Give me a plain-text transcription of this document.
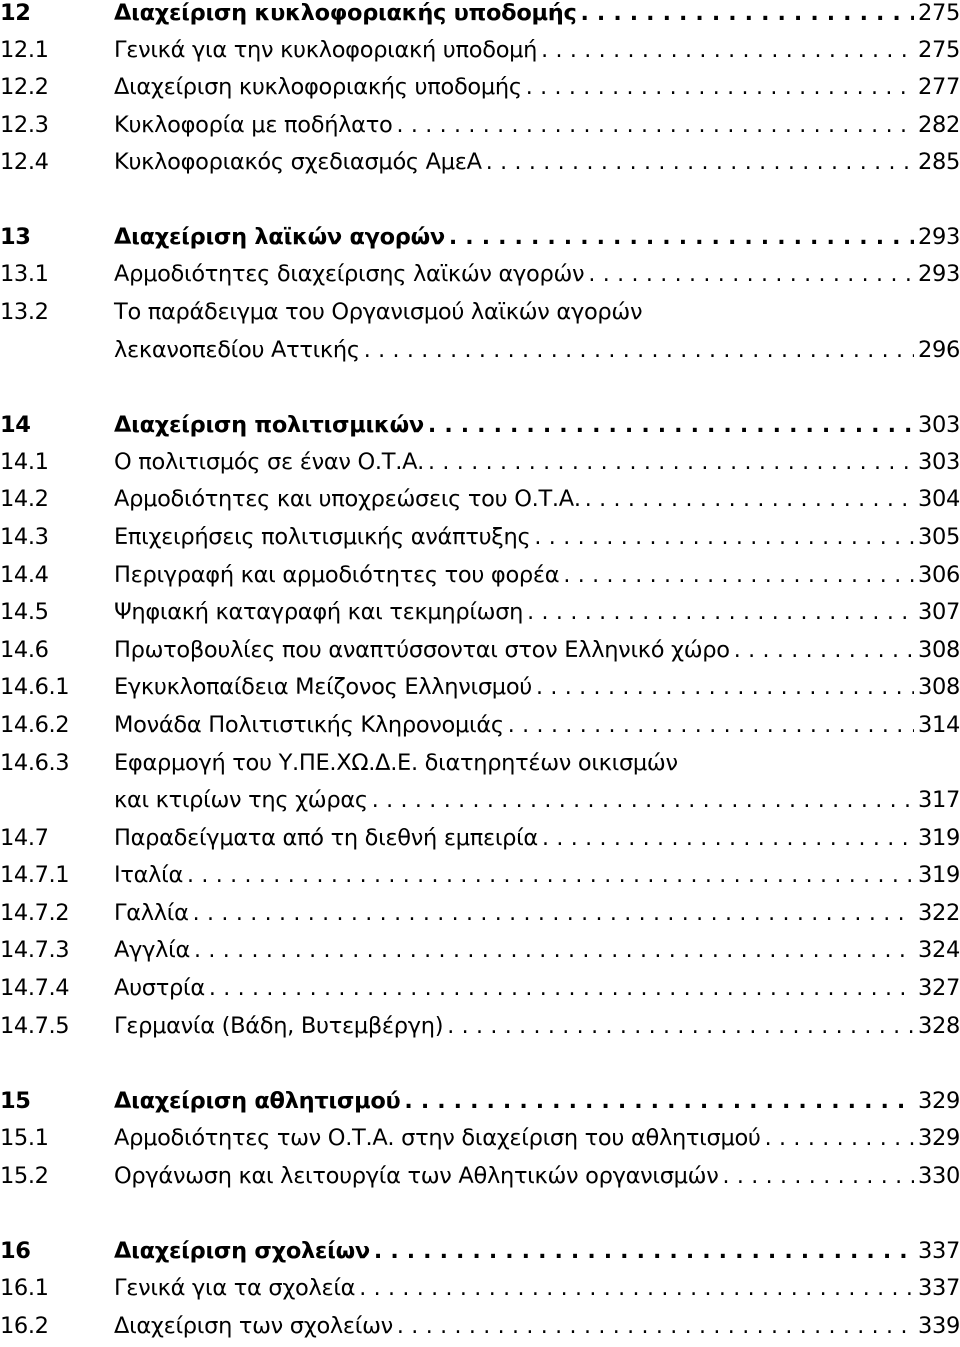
12	Διαχείριση κυκλοφοριακής υποδομής . . .	275
12.1	Γενικά για την κυκλοφοριακή υποδομή . . .	275
12.2	Διαχείριση κυκλοφοριακής υποδομής . . .	277
12.3	Κυκλοφορία με ποδήλατο . . .	282
12.4	Κυκλοφοριακός σχεδιασμός ΑμεΑ . . .	285
13	Διαχείριση λαϊκών αγορών . . .	293
13.1	Αρμοδιότητες διαχείρισης λαϊκών αγορών . . .	293
13.2	Το παράδειγμα του Οργανισμού λαϊκών αγορών
λεκανοπεδίου Αττικής . . .	296
14	Διαχείριση πολιτισμικών . . .	303
14.1	Ο πολιτισμός σε έναν Ο.Τ.Α. . . .	303
14.2	Αρμοδιότητες και υποχρεώσεις του Ο.Τ.Α. . . .	304
14.3	Επιχειρήσεις πολιτισμικής ανάπτυξης . . .	305
14.4	Περιγραφή και αρμοδιότητες του φορέα . . .	306
14.5	Ψηφιακή καταγραφή και τεκμηρίωση . . .	307
14.6	Πρωτοβουλίες που αναπτύσσονται στον Ελληνικό χώρο . . .	308
14.6.1 Εγκυκλοπαίδεια Μείζονος Ελληνισμού . . .	308
14.6.2 Μονάδα Πολιτιστικής Κληρονομιάς . . .	314
14.6.3 Εφαρμογή του Υ.ΠΕ.ΧΩ.Δ.Ε. διατηρητέων οικισμών
και κτιρίων της χώρας . . .	317
14.7	Παραδείγματα από τη διεθνή εμπειρία . . .	319
14.7.1 Ιταλία . . .	319
14.7.2 Γαλλία . . .	322
14.7.3 Αγγλία . . .	324
14.7.4 Αυστρία . . .	327
14.7.5 Γερμανία (Βάδη, Βυτεμβέργη) . . .	328
15	Διαχείριση αθλητισμού . . .	329
15.1	Αρμοδιότητες των Ο.Τ.Α. στην διαχείριση του αθλητισμού . . .	329
15.2	Οργάνωση και λειτουργία των Αθλητικών οργανισμών . . .	330
16	Διαχείριση σχολείων . . .	337
16.1	Γενικά για τα σχολεία . . .	337
16.2	Διαχείριση των σχολείων . . .	339
